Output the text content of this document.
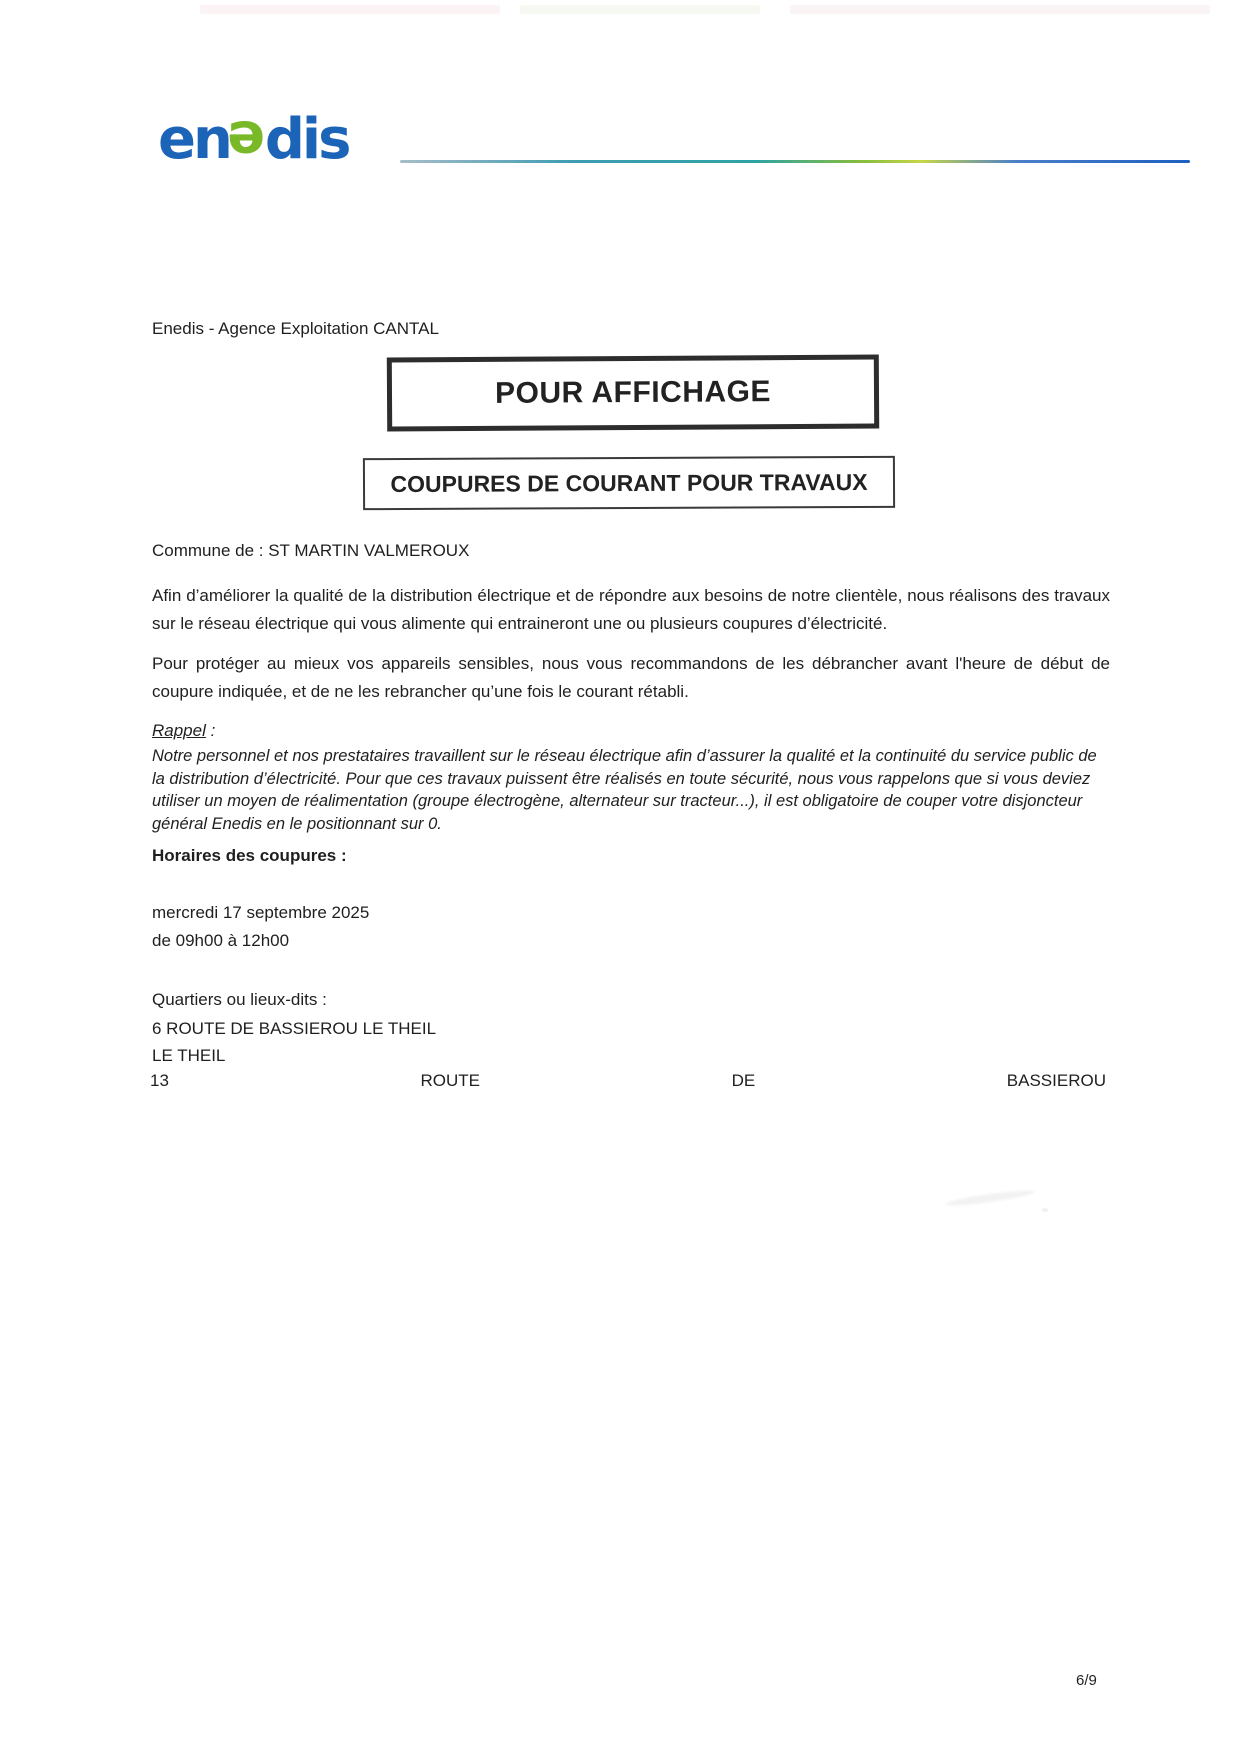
enedis
Enedis - Agence Exploitation CANTAL
POUR AFFICHAGE
COUPURES DE COURANT POUR TRAVAUX
Commune de : ST MARTIN VALMEROUX
Afin d’améliorer la qualité de la distribution électrique et de répondre aux besoins de notre clientèle, nous réalisons des travaux sur le réseau électrique qui vous alimente qui entraineront une ou plusieurs coupures d’électricité.
Pour protéger au mieux vos appareils sensibles, nous vous recommandons de les débrancher avant l'heure de début de coupure indiquée, et de ne les rebrancher qu’une fois le courant rétabli.
Rappel :
Notre personnel et nos prestataires travaillent sur le réseau électrique afin d’assurer la qualité et la continuité du service public de la distribution d’électricité. Pour que ces travaux puissent être réalisés en toute sécurité, nous vous rappelons que si vous deviez utiliser un moyen de réalimentation (groupe électrogène, alternateur sur tracteur...), il est obligatoire de couper votre disjoncteur général Enedis en le positionnant sur 0.
Horaires des coupures :
mercredi 17 septembre 2025
de 09h00 à 12h00
Quartiers ou lieux-dits :
6 ROUTE DE BASSIEROU LE THEIL
LE THEIL
13	ROUTE	DE	BASSIEROU
6/9
